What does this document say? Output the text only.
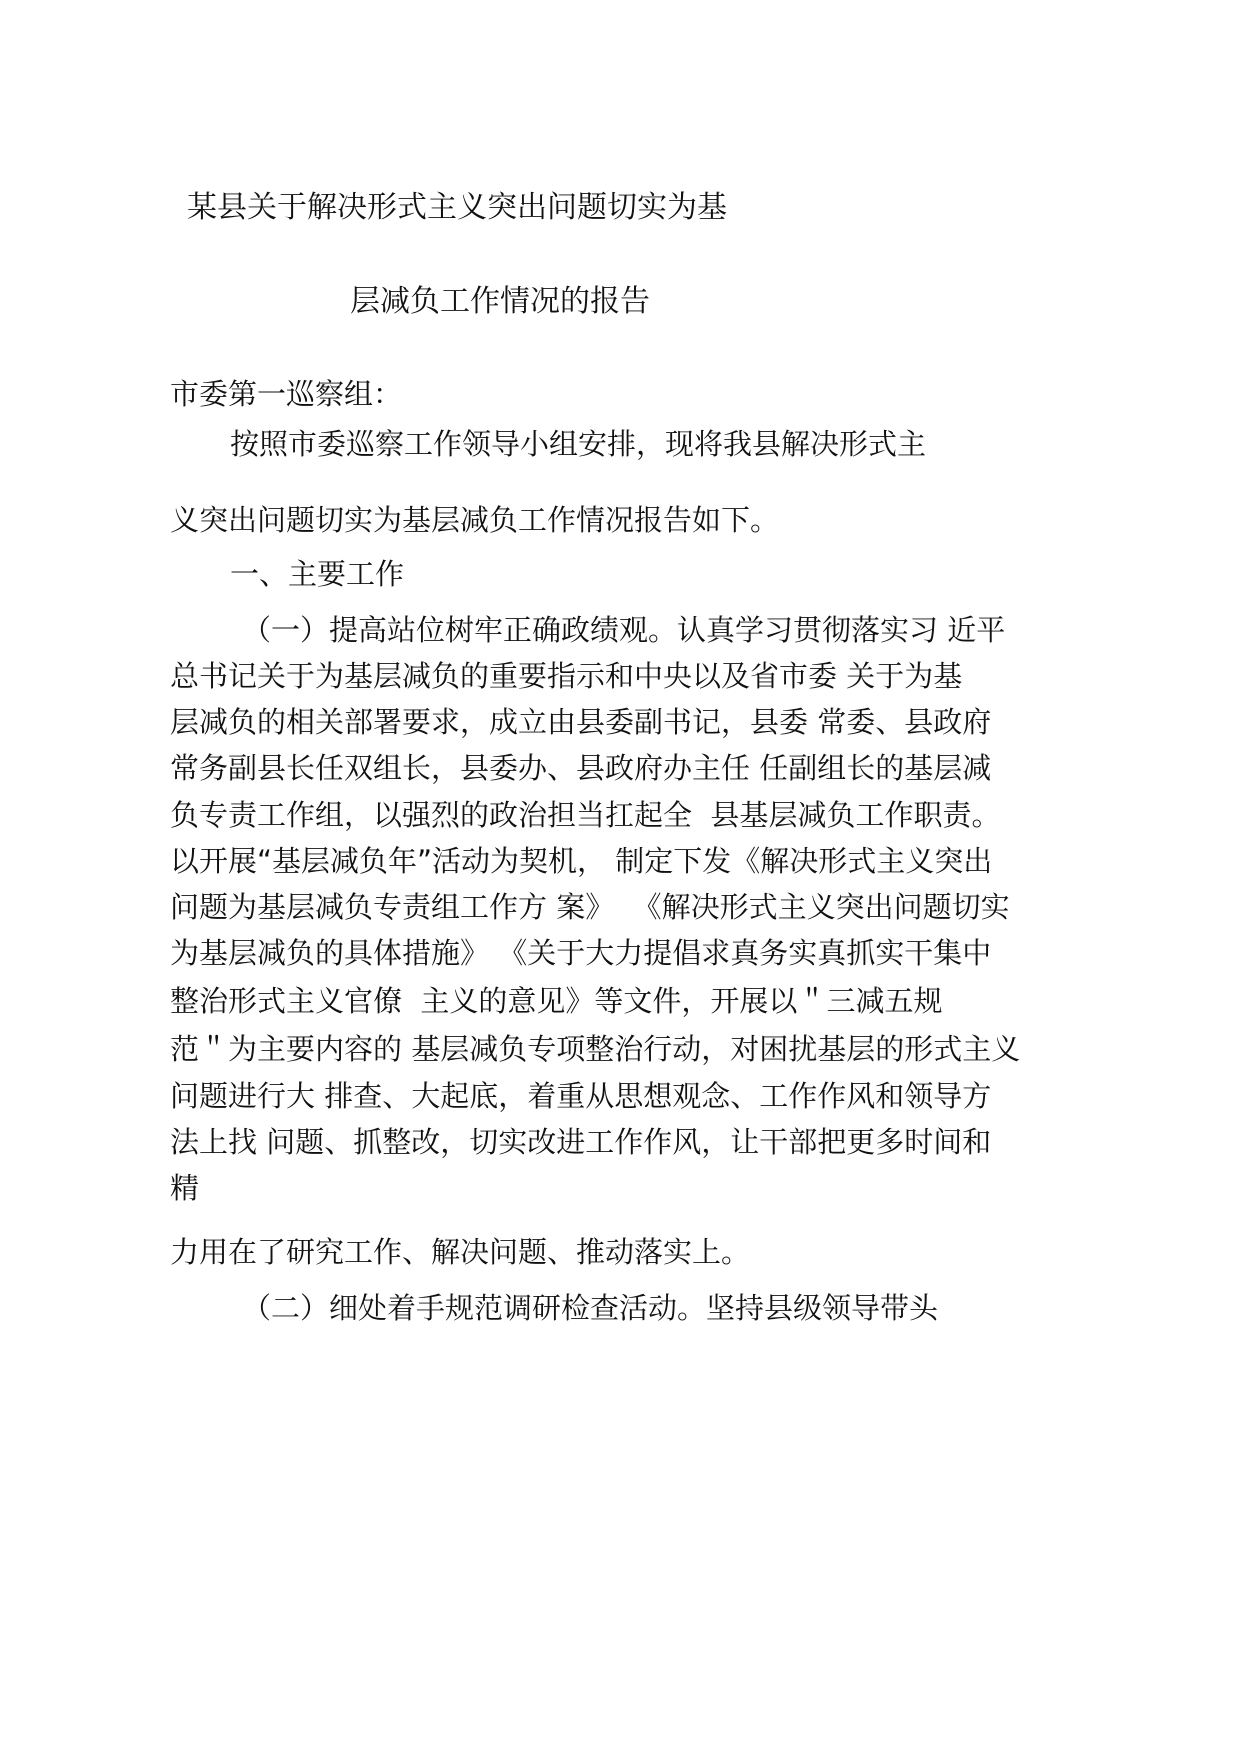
某县关于解决形式主义突出问题切实为基
层减负工作情况的报告
市委第一巡察组：
按照市委巡察工作领导小组安排，现将我县解决形式主
义突出问题切实为基层减负工作情况报告如下。
一、主要工作
（一）提高站位树牢正确政绩观。认真学习贯彻落实习 近平
总书记关于为基层减负的重要指示和中央以及省市委 关于为基
层减负的相关部署要求，成立由县委副书记，县委 常委、县政府
常务副县长任双组长，县委办、县政府办主任 任副组长的基层减
负专责工作组，以强烈的政治担当扛起全  县基层减负工作职责。
以开展“基层减负年”活动为契机， 制定下发《解决形式主义突出
问题为基层减负专责组工作方 案》  《解决形式主义突出问题切实
为基层减负的具体措施》 《关于大力提倡求真务实真抓实干集中
整治形式主义官僚  主义的意见》等文件，开展以＂三减五规
范＂为主要内容的 基层减负专项整治行动，对困扰基层的形式主义
问题进行大 排查、大起底，着重从思想观念、工作作风和领导方
法上找 问题、抓整改，切实改进工作作风，让干部把更多时间和
精
力用在了研究工作、解决问题、推动落实上。
（二）细处着手规范调研检查活动。坚持县级领导带头
